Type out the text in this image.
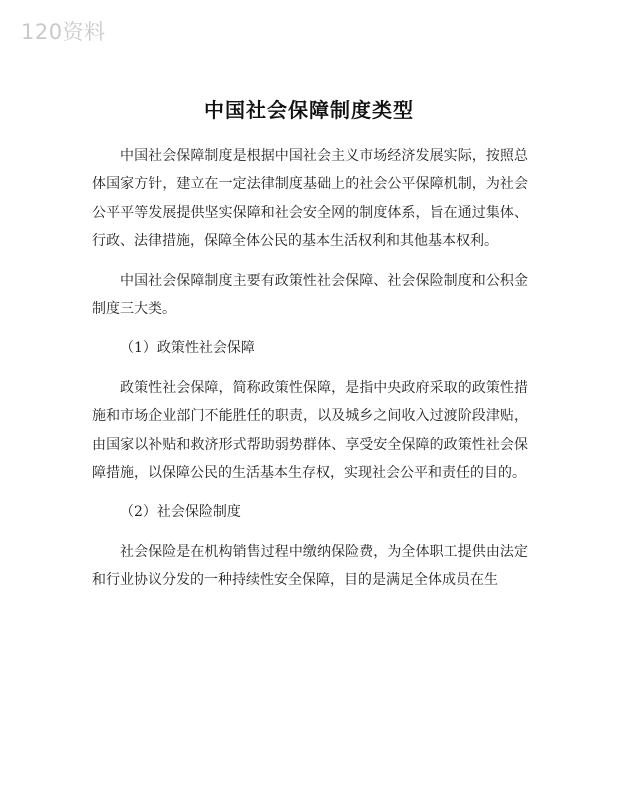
120资料
中国社会保障制度类型

中国社会保障制度是根据中国社会主义市场经济发展实际，按照总体国家方针，建立在一定法律制度基础上的社会公平保障机制，为社会公平平等发展提供坚实保障和社会安全网的制度体系，旨在通过集体、行政、法律措施，保障全体公民的基本生活权利和其他基本权利。

中国社会保障制度主要有政策性社会保障、社会保险制度和公积金制度三大类。

（1）政策性社会保障

政策性社会保障，简称政策性保障，是指中央政府采取的政策性措施和市场企业部门不能胜任的职责，以及城乡之间收入过渡阶段津贴，由国家以补贴和救济形式帮助弱势群体、享受安全保障的政策性社会保障措施，以保障公民的生活基本生存权，实现社会公平和责任的目的。

（2）社会保险制度

社会保险是在机构销售过程中缴纳保险费，为全体职工提供由法定和行业协议分发的一种持续性安全保障，目的是满足全体成员在生
